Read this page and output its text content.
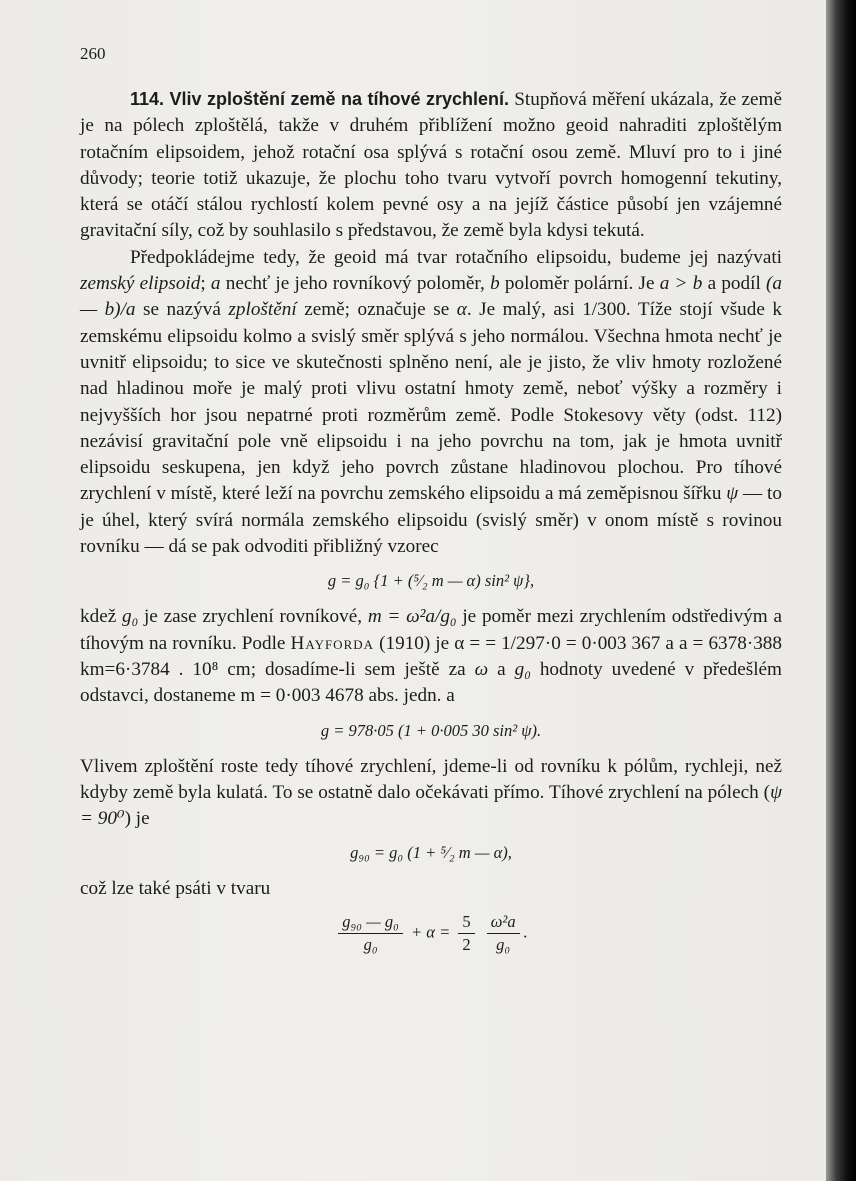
260

114. Vliv zploštění země na tíhové zrychlení. Stupňová měření ukázala, že země je na pólech zploštělá, takže v druhém přiblížení možno geoid nahraditi zploštělým rotačním elipsoidem, jehož rotační osa splývá s rotační osou země. Mluví pro to i jiné důvody; teorie totiž ukazuje, že plochu toho tvaru vytvoří povrch homogenní tekutiny, která se otáčí stálou rychlostí kolem pevné osy a na jejíž částice působí jen vzájemné gravitační síly, což by souhlasilo s představou, že země byla kdysi tekutá.

Předpokládejme tedy, že geoid má tvar rotačního elipsoidu, budeme jej nazývati zemský elipsoid; a nechť je jeho rovníkový poloměr, b poloměr polární. Je a > b a podíl (a — b)/a se nazývá zploštění země; označuje se α. Je malý, asi 1/300. Tíže stojí všude k zemskému elipsoidu kolmo a svislý směr splývá s jeho normálou. Všechna hmota nechť je uvnitř elipsoidu; to sice ve skutečnosti splněno není, ale je jisto, že vliv hmoty rozložené nad hladinou moře je malý proti vlivu ostatní hmoty země, neboť výšky a rozměry i nejvyšších hor jsou nepatrné proti rozměrům země. Podle Stokesovy věty (odst. 112) nezávisí gravitační pole vně elipsoidu i na jeho povrchu na tom, jak je hmota uvnitř elipsoidu seskupena, jen když jeho povrch zůstane hladinovou plochou. Pro tíhové zrychlení v místě, které leží na povrchu zemského elipsoidu a má zeměpisnou šířku ψ — to je úhel, který svírá normála zemského elipsoidu (svislý směr) v onom místě s rovinou rovníku — dá se pak odvoditi přibližný vzorec

g = g₀ {1 + (⁵⁄₂ m — α) sin² ψ},

kdež g₀ je zase zrychlení rovníkové, m = ω²a/g₀ je poměr mezi zrychlením odstředivým a tíhovým na rovníku. Podle Hayforda (1910) je α = = 1/297·0 = 0·003 367 a a = 6378·388 km=6·3784 . 10⁸ cm; dosadíme-li sem ještě za ω a g₀ hodnoty uvedené v předešlém odstavci, dostaneme m = 0·003 4678 abs. jedn. a

g = 978·05 (1 + 0·005 30 sin² ψ).

Vlivem zploštění roste tedy tíhové zrychlení, jdeme-li od rovníku k pólům, rychleji, než kdyby země byla kulatá. To se ostatně dalo očekávati přímo. Tíhové zrychlení na pólech (ψ = 90⁰) je

g₉₀ = g₀ (1 + ⁵⁄₂ m — α),

což lze také psáti v tvaru

$\frac{\text{g₉₀ — g₀}}{\text{g₀}} + \alpha = \frac{5}{2}$
$\frac{\text{ω²a}}{\text{g₀}}$ .
